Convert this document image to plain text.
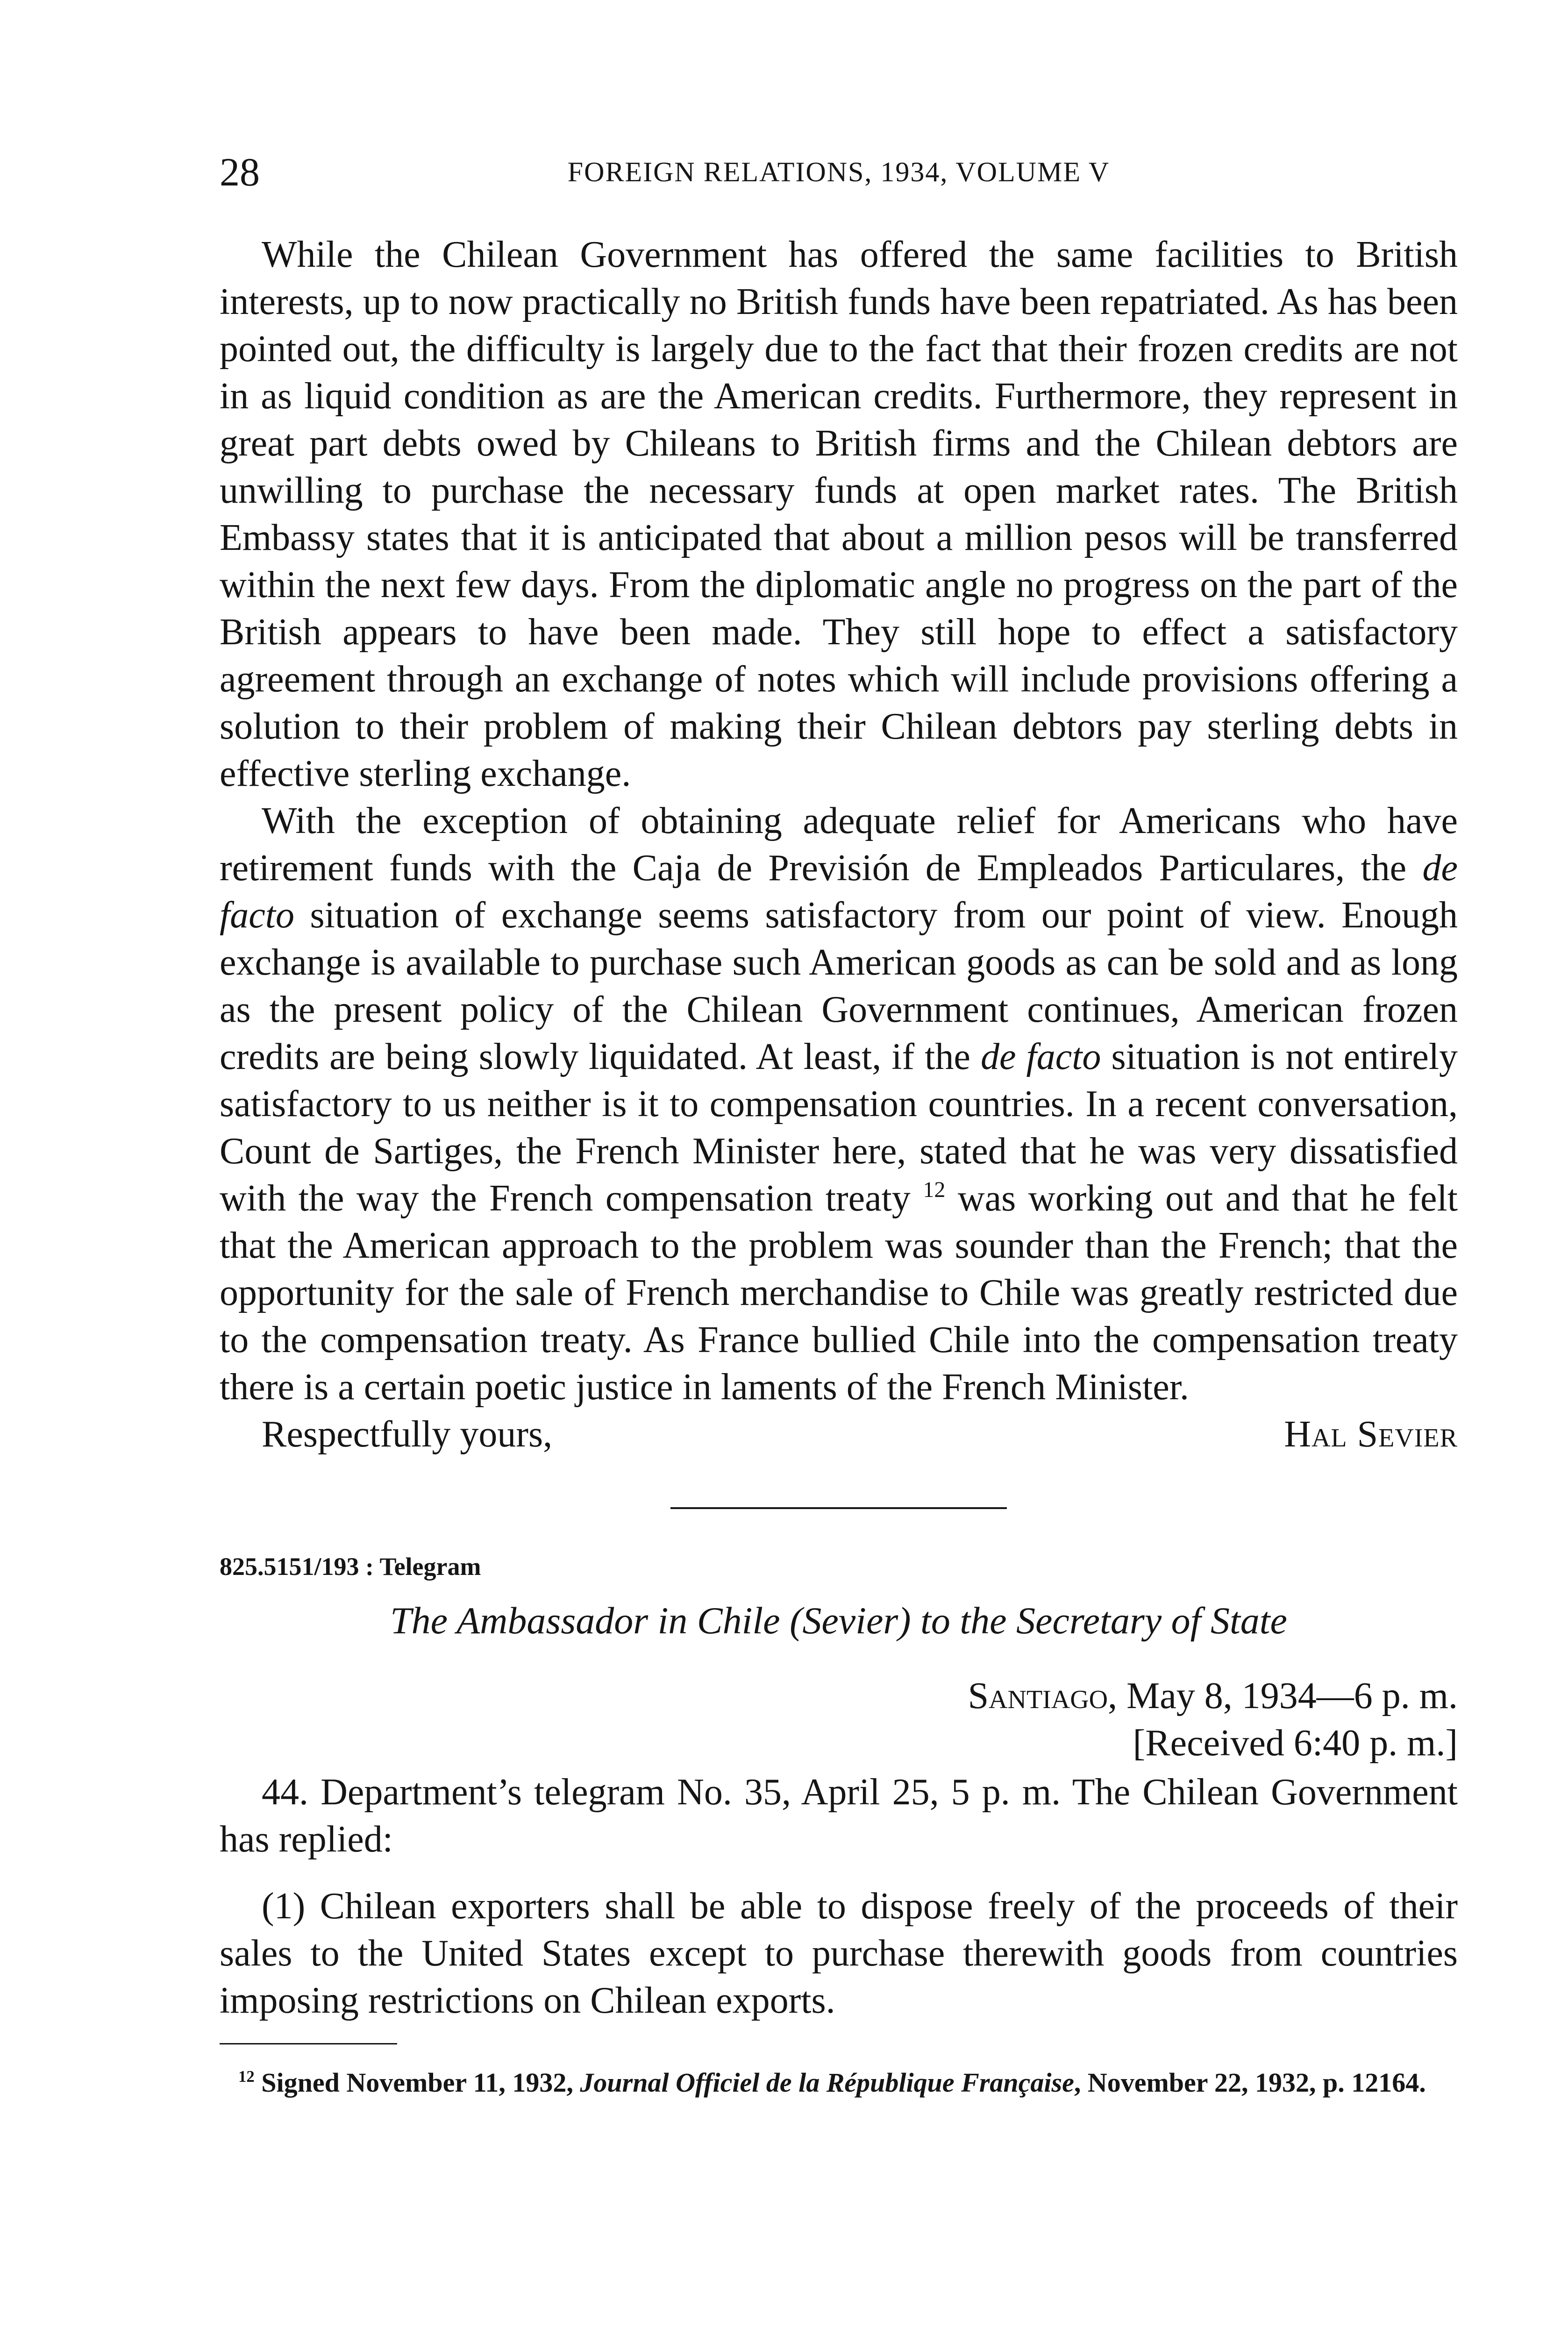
28	FOREIGN RELATIONS, 1934, VOLUME V

While the Chilean Government has offered the same facilities to British interests, up to now practically no British funds have been repatriated. As has been pointed out, the difficulty is largely due to the fact that their frozen credits are not in as liquid condition as are the American credits. Furthermore, they represent in great part debts owed by Chileans to British firms and the Chilean debtors are unwilling to purchase the necessary funds at open market rates. The British Embassy states that it is anticipated that about a million pesos will be transferred within the next few days. From the diplomatic angle no progress on the part of the British appears to have been made. They still hope to effect a satisfactory agreement through an exchange of notes which will include provisions offering a solution to their problem of making their Chilean debtors pay sterling debts in effective sterling exchange.

With the exception of obtaining adequate relief for Americans who have retirement funds with the Caja de Previsión de Empleados Particulares, the de facto situation of exchange seems satisfactory from our point of view. Enough exchange is available to purchase such American goods as can be sold and as long as the present policy of the Chilean Government continues, American frozen credits are being slowly liquidated. At least, if the de facto situation is not entirely satisfactory to us neither is it to compensation countries. In a recent conversation, Count de Sartiges, the French Minister here, stated that he was very dissatisfied with the way the French compensation treaty $^{12}$ was working out and that he felt that the American approach to the problem was sounder than the French; that the opportunity for the sale of French merchandise to Chile was greatly restricted due to the compensation treaty. As France bullied Chile into the compensation treaty there is a certain poetic justice in laments of the French Minister.

Respectfully yours,	Hal Sevier
825.5151/193 : Telegram
The Ambassador in Chile (Sevier) to the Secretary of State
Santiago, May 8, 1934—6 p. m.
[Received 6:40 p. m.]

44. Department’s telegram No. 35, April 25, 5 p. m. The Chilean Government has replied:

(1) Chilean exporters shall be able to dispose freely of the proceeds of their sales to the United States except to purchase therewith goods from countries imposing restrictions on Chilean exports.

$^{12}$ Signed November 11, 1932, Journal Officiel de la République Française, November 22, 1932, p. 12164.
